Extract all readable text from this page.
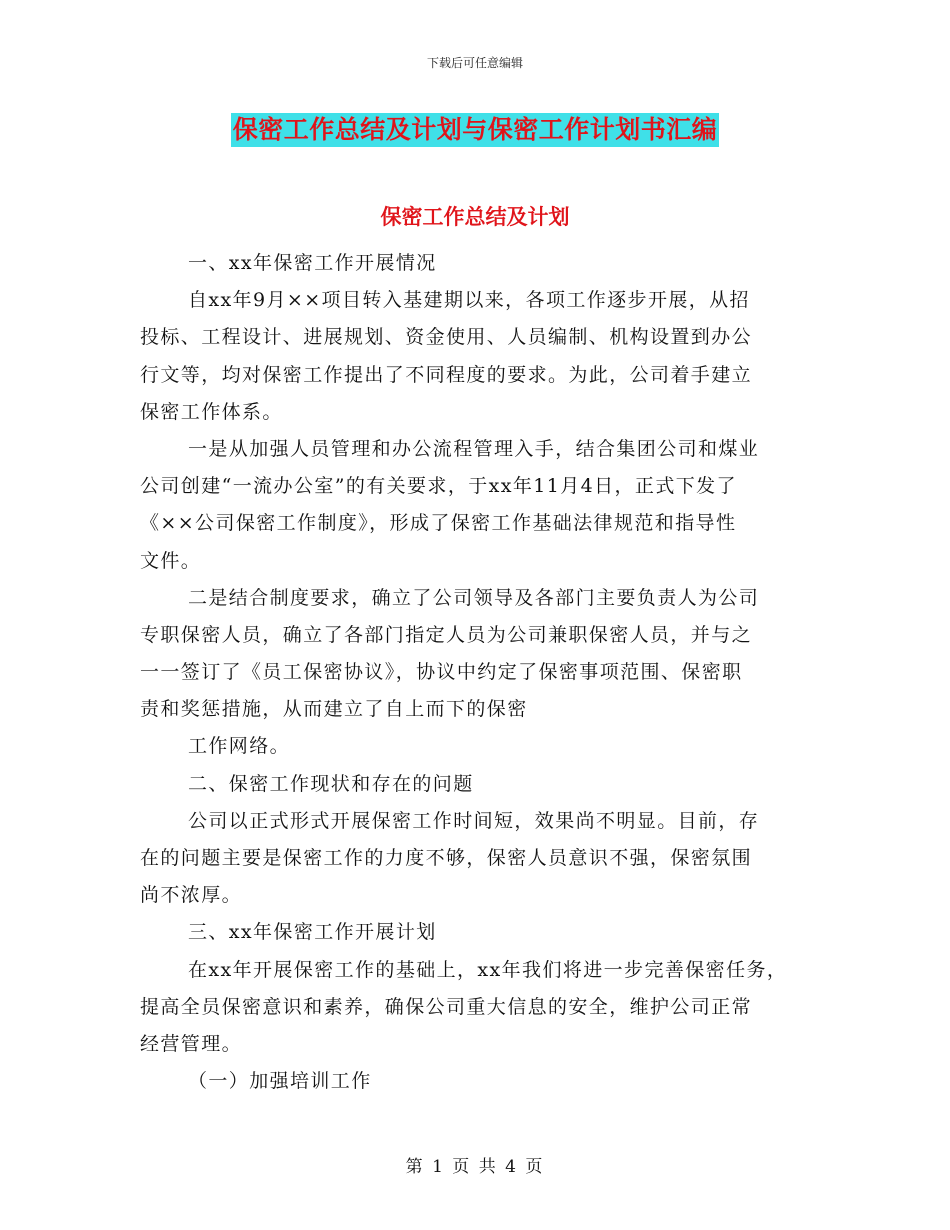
下载后可任意编辑
保密工作总结及计划与保密工作计划书汇编
保密工作总结及计划
一、xx年保密工作开展情况
自xx年9月××项目转入基建期以来，各项工作逐步开展，从招
投标、工程设计、进展规划、资金使用、人员编制、机构设置到办公
行文等，均对保密工作提出了不同程度的要求。为此，公司着手建立
保密工作体系。
一是从加强人员管理和办公流程管理入手，结合集团公司和煤业
公司创建“一流办公室”的有关要求，于xx年11月4日，正式下发了
《××公司保密工作制度》，形成了保密工作基础法律规范和指导性
文件。
二是结合制度要求，确立了公司领导及各部门主要负责人为公司
专职保密人员，确立了各部门指定人员为公司兼职保密人员，并与之
一一签订了《员工保密协议》，协议中约定了保密事项范围、保密职
责和奖惩措施，从而建立了自上而下的保密
工作网络。
二、保密工作现状和存在的问题
公司以正式形式开展保密工作时间短，效果尚不明显。目前，存
在的问题主要是保密工作的力度不够，保密人员意识不强，保密氛围
尚不浓厚。
三、xx年保密工作开展计划
在xx年开展保密工作的基础上，xx年我们将进一步完善保密任务，
提高全员保密意识和素养，确保公司重大信息的安全，维护公司正常
经营管理。
（一）加强培训工作
第 1 页 共 4 页
